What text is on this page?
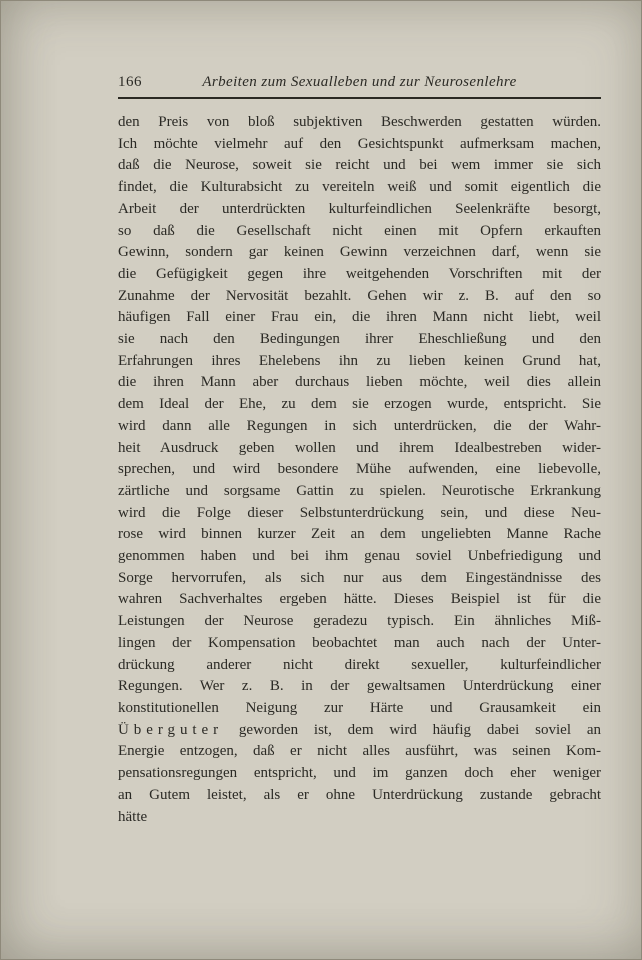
166	Arbeiten zum Sexualleben und zur Neurosenlehre
den Preis von bloß subjektiven Beschwerden gestatten würden.
Ich möchte vielmehr auf den Gesichtspunkt aufmerksam machen,
daß die Neurose, soweit sie reicht und bei wem immer sie sich
findet, die Kulturabsicht zu vereiteln weiß und somit eigentlich die
Arbeit der unterdrückten kulturfeindlichen Seelenkräfte besorgt,
so daß die Gesellschaft nicht einen mit Opfern erkauften
Gewinn, sondern gar keinen Gewinn verzeichnen darf, wenn sie
die Gefügigkeit gegen ihre weitgehenden Vorschriften mit der
Zunahme der Nervosität bezahlt. Gehen wir z. B. auf den so
häufigen Fall einer Frau ein, die ihren Mann nicht liebt, weil
sie nach den Bedingungen ihrer Eheschließung und den
Erfahrungen ihres Ehelebens ihn zu lieben keinen Grund hat,
die ihren Mann aber durchaus lieben möchte, weil dies allein
dem Ideal der Ehe, zu dem sie erzogen wurde, entspricht. Sie
wird dann alle Regungen in sich unterdrücken, die der Wahr-
heit Ausdruck geben wollen und ihrem Idealbestreben wider-
sprechen, und wird besondere Mühe aufwenden, eine liebevolle,
zärtliche und sorgsame Gattin zu spielen. Neurotische Erkrankung
wird die Folge dieser Selbstunterdrückung sein, und diese Neu-
rose wird binnen kurzer Zeit an dem ungeliebten Manne Rache
genommen haben und bei ihm genau soviel Unbefriedigung und
Sorge hervorrufen, als sich nur aus dem Eingeständnisse des
wahren Sachverhaltes ergeben hätte. Dieses Beispiel ist für die
Leistungen der Neurose geradezu typisch. Ein ähnliches Miß-
lingen der Kompensation beobachtet man auch nach der Unter-
drückung anderer nicht direkt sexueller, kulturfeindlicher
Regungen. Wer z. B. in der gewaltsamen Unterdrückung einer
konstitutionellen Neigung zur Härte und Grausamkeit ein
Überguter geworden ist, dem wird häufig dabei soviel an
Energie entzogen, daß er nicht alles ausführt, was seinen Kom-
pensationsregungen entspricht, und im ganzen doch eher weniger
an Gutem leistet, als er ohne Unterdrückung zustande gebracht
hätte
